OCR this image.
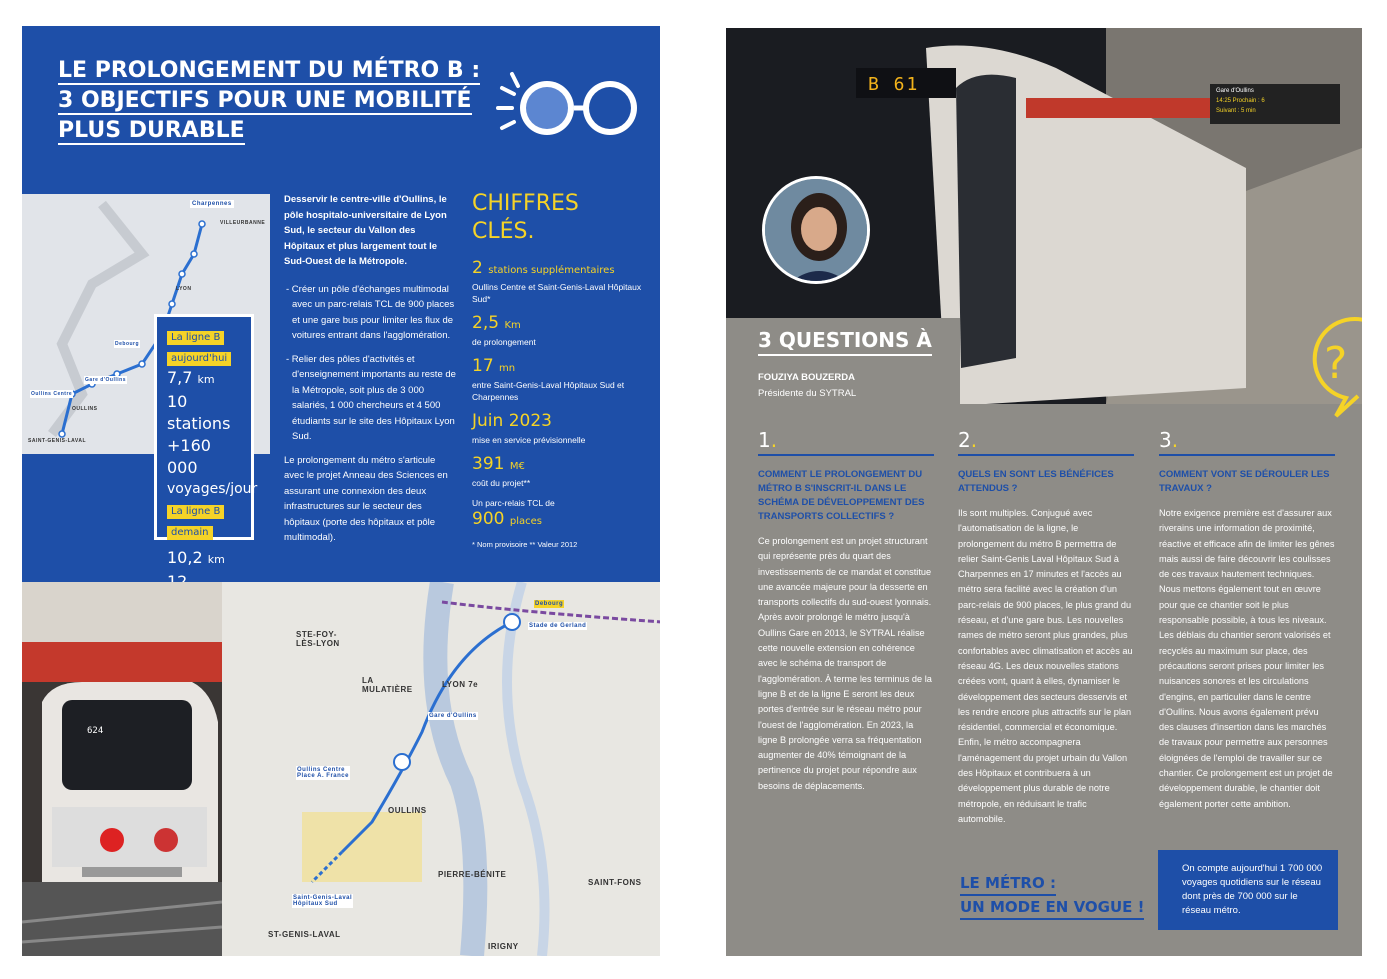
LE PROLONGEMENT DU MÉTRO B :
3 OBJECTIFS POUR UNE MOBILITÉ
PLUS DURABLE
Charpennes
VILLEURBANNE
LYON
Oullins Centre
OULLINS
SAINT-GENIS-LAVAL
Debourg
Gare d'Oullins
La ligne B
aujourd'hui
7,7 km
10 stations
+160 000
voyages/jour
La ligne B
demain
10,2 km

Desservir le centre-ville d'Oullins, le pôle hospitalo-universitaire de Lyon Sud, le secteur du Vallon des Hôpitaux et plus largement tout le Sud-Ouest de la Métropole.

- Créer un pôle d'échanges multimodal avec un parc-relais TCL de 900 places et une gare bus pour limiter les flux de voitures entrant dans l'agglomération.

- Relier des pôles d'activités et d'enseignement importants au reste de la Métropole, soit plus de 3 000 salariés, 1 000 chercheurs et 4 500 étudiants sur le site des Hôpitaux Lyon Sud.

Le prolongement du métro s'articule avec le projet Anneau des Sciences en assurant une connexion des deux infrastructures sur le secteur des hôpitaux (porte des hôpitaux et pôle multimodal).

CHIFFRES
CLÉS.
2 stations supplémentaires
Oullins Centre et Saint-Genis-Laval Hôpitaux Sud*
2,5 Km
de prolongement
17 mn
entre Saint-Genis-Laval Hôpitaux Sud et Charpennes
Juin 2023
mise en service prévisionnelle
391 M€
coût du projet**
Un parc-relais TCL de
900 places
* Nom provisoire ** Valeur 2012
624
STE-FOY-
LÈS-LYON
LA
MULATIÈRE
LYON 7e
OULLINS
PIERRE-BÉNITE
SAINT-FONS
ST-GENIS-LAVAL
IRIGNY
Oullins Centre
Place A. France
Saint-Genis-Laval
Hôpitaux Sud
Gare d'Oullins
Debourg
Stade de Gerland
B 61	Gare d'Oullins
14:25 Prochain : 6
Suivant : 5 min
3 QUESTIONS À
FOUZIYA BOUZERDA
Présidente du SYTRAL
?
1.
COMMENT LE PROLONGEMENT DU MÉTRO B S'INSCRIT-IL DANS LE SCHÉMA DE DÉVELOPPEMENT DES TRANSPORTS COLLECTIFS ?
Ce prolongement est un projet structurant qui représente près du quart des investissements de ce mandat et constitue une avancée majeure pour la desserte en transports collectifs du sud-ouest lyonnais. Après avoir prolongé le métro jusqu'à Oullins Gare en 2013, le SYTRAL réalise cette nouvelle extension en cohérence avec le schéma de transport de l'agglomération. À terme les terminus de la ligne B et de la ligne E seront les deux portes d'entrée sur le réseau métro pour l'ouest de l'agglomération. En 2023, la ligne B prolongée verra sa fréquentation augmenter de 40% témoignant de la pertinence du projet pour répondre aux besoins de déplacements.
2.
QUELS EN SONT LES BÉNÉFICES ATTENDUS ?
Ils sont multiples. Conjugué avec l'automatisation de la ligne, le prolongement du métro B permettra de relier Saint-Genis Laval Hôpitaux Sud à Charpennes en 17 minutes et l'accès au métro sera facilité avec la création d'un parc-relais de 900 places, le plus grand du réseau, et d'une gare bus. Les nouvelles rames de métro seront plus grandes, plus confortables avec climatisation et accès au réseau 4G. Les deux nouvelles stations créées vont, quant à elles, dynamiser le développement des secteurs desservis et les rendre encore plus attractifs sur le plan résidentiel, commercial et économique. Enfin, le métro accompagnera l'aménagement du projet urbain du Vallon des Hôpitaux et contribuera à un développement plus durable de notre métropole, en réduisant le trafic automobile.
3.
COMMENT VONT SE DÉROULER LES TRAVAUX ?
Notre exigence première est d'assurer aux riverains une information de proximité, réactive et efficace afin de limiter les gênes mais aussi de faire découvrir les coulisses de ces travaux hautement techniques. Nous mettons également tout en œuvre pour que ce chantier soit le plus responsable possible, à tous les niveaux. Les déblais du chantier seront valorisés et recyclés au maximum sur place, des précautions seront prises pour limiter les nuisances sonores et les circulations d'engins, en particulier dans le centre d'Oullins. Nous avons également prévu des clauses d'insertion dans les marchés de travaux pour permettre aux personnes éloignées de l'emploi de travailler sur ce chantier. Ce prolongement est un projet de développement durable, le chantier doit également porter cette ambition.
LE MÉTRO :
UN MODE EN VOGUE !
On compte aujourd'hui 1 700 000 voyages quotidiens sur le réseau dont près de 700 000 sur le réseau métro.
